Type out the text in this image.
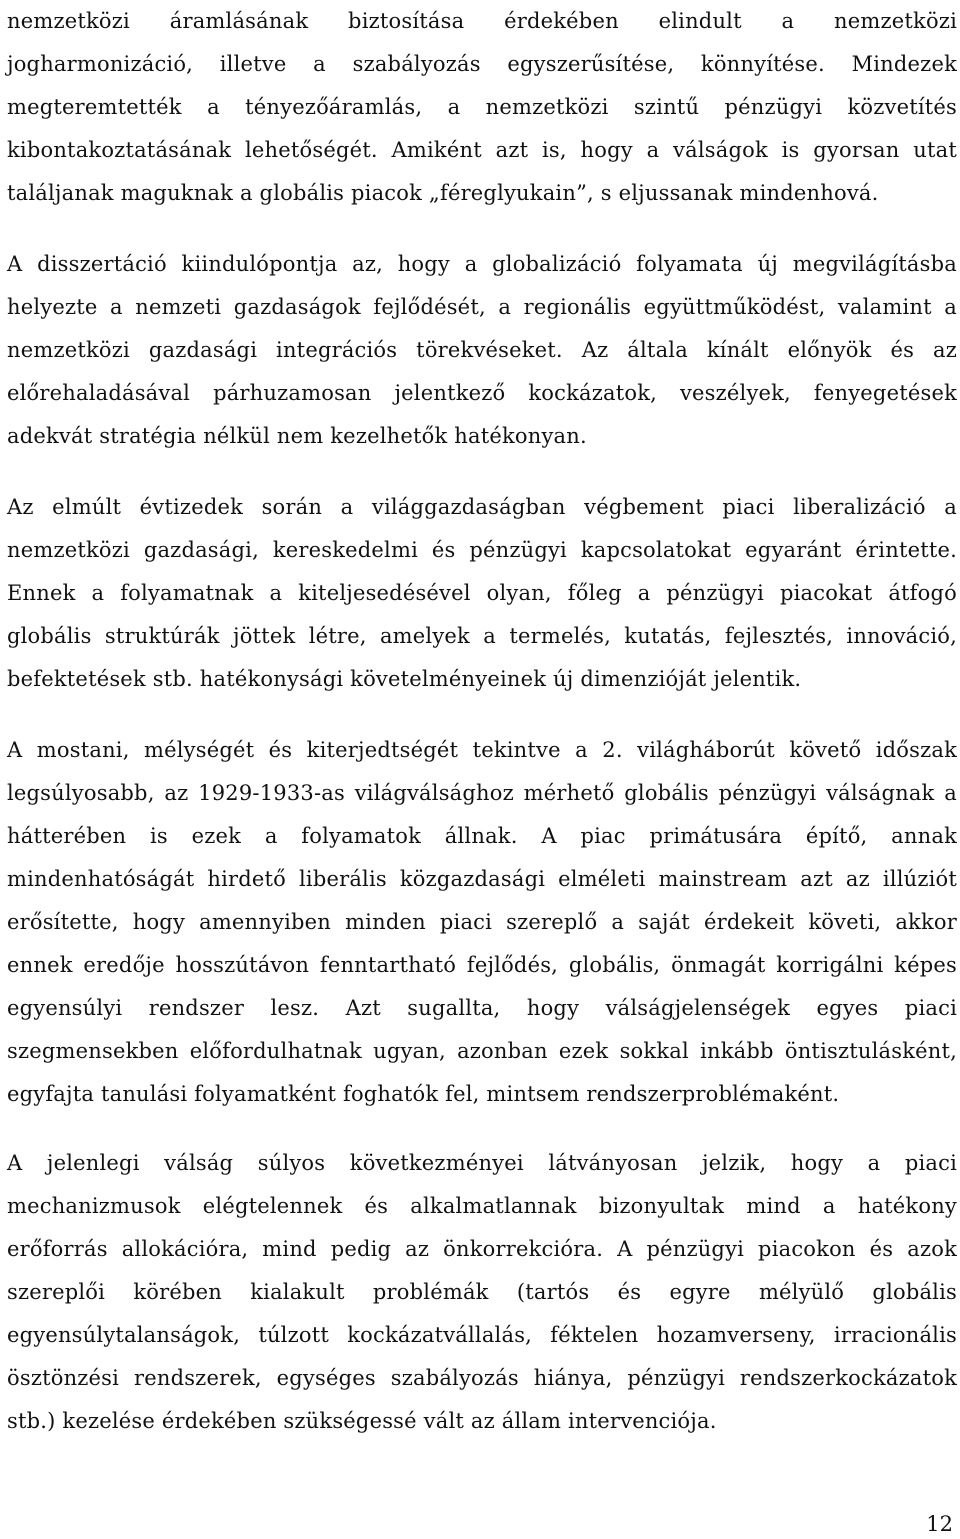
nemzetközi áramlásának biztosítása érdekében elindult a nemzetközi
jogharmonizáció, illetve a szabályozás egyszerűsítése, könnyítése. Mindezek
megteremtették a tényezőáramlás, a nemzetközi szintű pénzügyi közvetítés
kibontakoztatásának lehetőségét. Amiként azt is, hogy a válságok is gyorsan utat
találjanak maguknak a globális piacok „féreglyukain”, s eljussanak mindenhová.
A disszertáció kiindulópontja az, hogy a globalizáció folyamata új megvilágításba
helyezte a nemzeti gazdaságok fejlődését, a regionális együttműködést, valamint a
nemzetközi gazdasági integrációs törekvéseket. Az általa kínált előnyök és az
előrehaladásával párhuzamosan jelentkező kockázatok, veszélyek, fenyegetések
adekvát stratégia nélkül nem kezelhetők hatékonyan.
Az elmúlt évtizedek során a világgazdaságban végbement piaci liberalizáció a
nemzetközi gazdasági, kereskedelmi és pénzügyi kapcsolatokat egyaránt érintette.
Ennek a folyamatnak a kiteljesedésével olyan, főleg a pénzügyi piacokat átfogó
globális struktúrák jöttek létre, amelyek a termelés, kutatás, fejlesztés, innováció,
befektetések stb. hatékonysági követelményeinek új dimenzióját jelentik.
A mostani, mélységét és kiterjedtségét tekintve a 2. világháborút követő időszak
legsúlyosabb, az 1929-1933-as világválsághoz mérhető globális pénzügyi válságnak a
hátterében is ezek a folyamatok állnak. A piac primátusára építő, annak
mindenhatóságát hirdető liberális közgazdasági elméleti mainstream azt az illúziót
erősítette, hogy amennyiben minden piaci szereplő a saját érdekeit követi, akkor
ennek eredője hosszútávon fenntartható fejlődés, globális, önmagát korrigálni képes
egyensúlyi rendszer lesz. Azt sugallta, hogy válságjelenségek egyes piaci
szegmensekben előfordulhatnak ugyan, azonban ezek sokkal inkább öntisztulásként,
egyfajta tanulási folyamatként foghatók fel, mintsem rendszerproblémaként.
A jelenlegi válság súlyos következményei látványosan jelzik, hogy a piaci
mechanizmusok elégtelennek és alkalmatlannak bizonyultak mind a hatékony
erőforrás allokációra, mind pedig az önkorrekcióra. A pénzügyi piacokon és azok
szereplői körében kialakult problémák (tartós és egyre mélyülő globális
egyensúlytalanságok, túlzott kockázatvállalás, féktelen hozamverseny, irracionális
ösztönzési rendszerek, egységes szabályozás hiánya, pénzügyi rendszerkockázatok
stb.) kezelése érdekében szükségessé vált az állam intervenciója.
12
